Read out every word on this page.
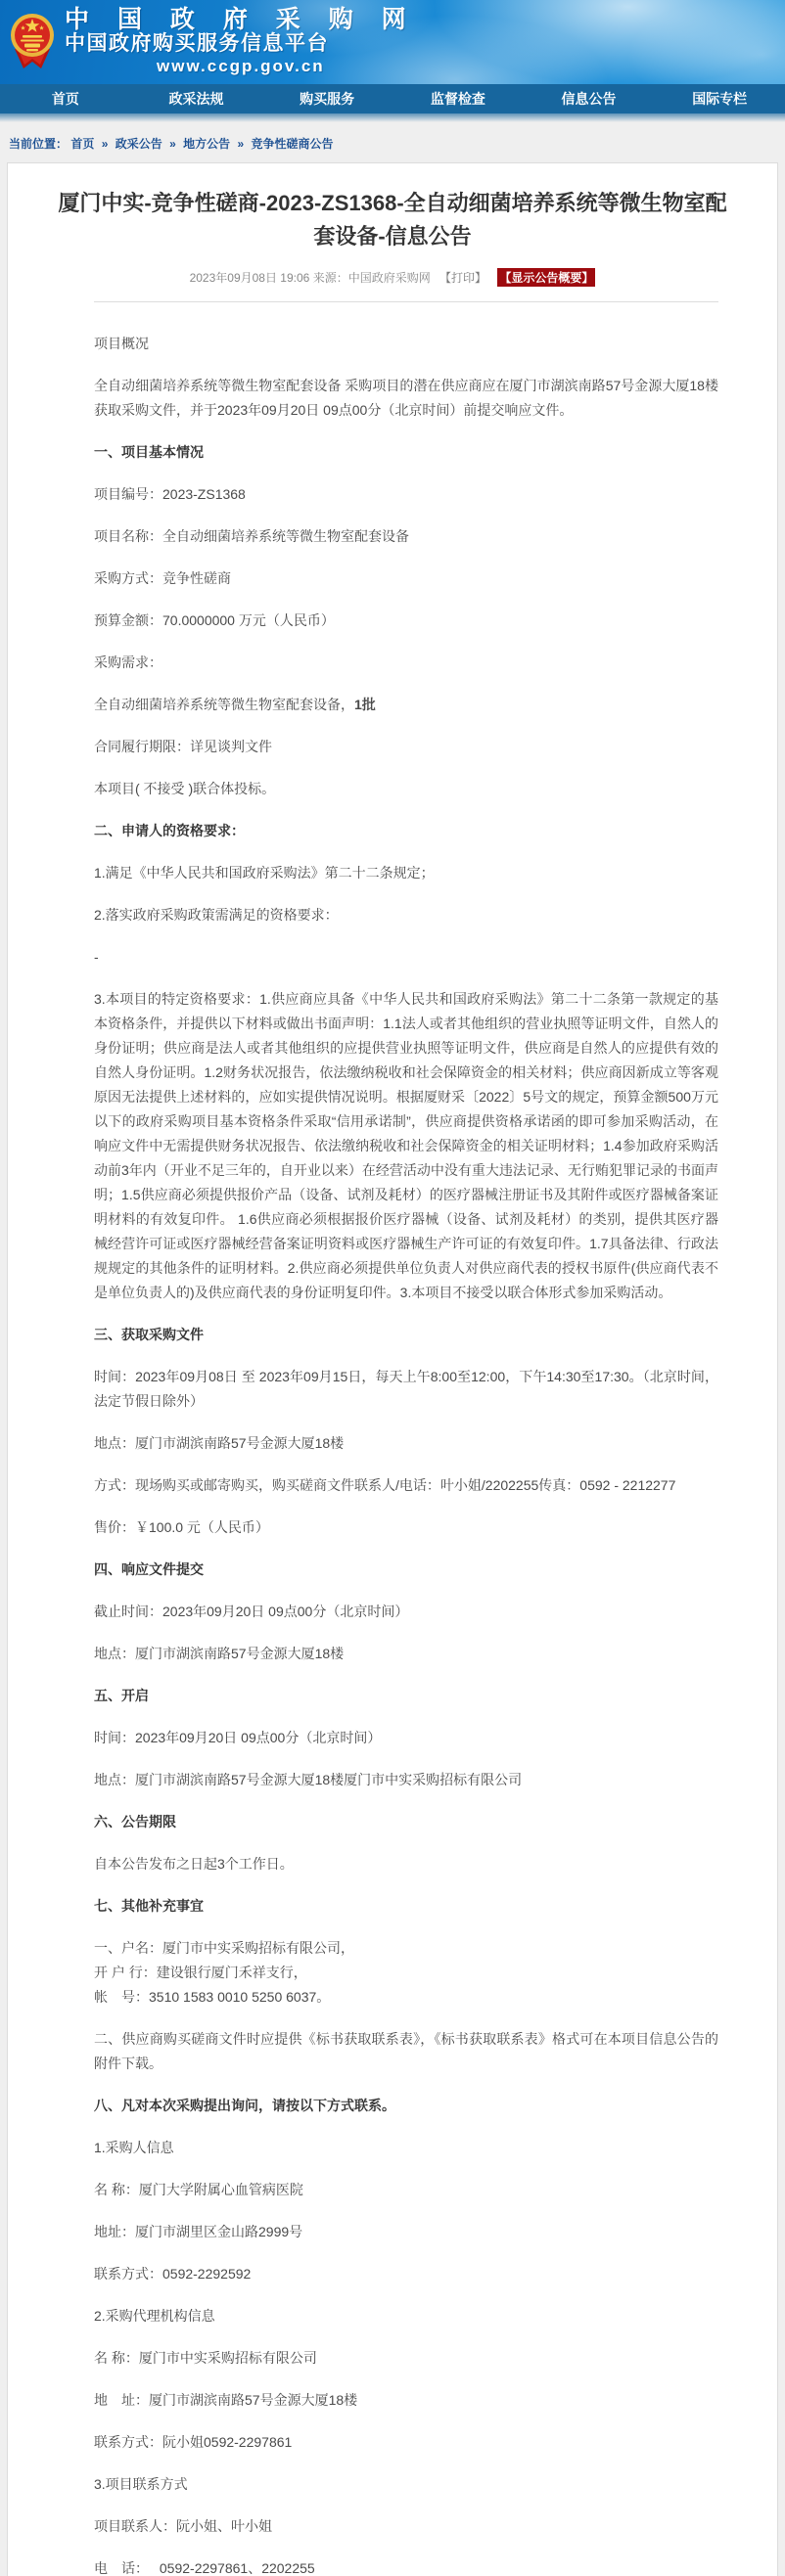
中 国 政 府 采 购 网
中国政府购买服务信息平台
www.ccgp.gov.cn
首页	政采法规	购买服务	监督检查	信息公告	国际专栏
当前位置： 首页 » 政采公告 » 地方公告 » 竞争性磋商公告
厦门中实-竞争性磋商-2023-ZS1368-全自动细菌培养系统等微生物室配套设备-信息公告
2023年09月08日 19:06 来源：中国政府采购网 【打印】 【显示公告概要】

项目概况

全自动细菌培养系统等微生物室配套设备 采购项目的潜在供应商应在厦门市湖滨南路57号金源大厦18楼获取采购文件，并于2023年09月20日 09点00分（北京时间）前提交响应文件。

一、项目基本情况

项目编号：2023-ZS1368

项目名称：全自动细菌培养系统等微生物室配套设备

采购方式：竞争性磋商

预算金额：70.0000000 万元（人民币）

采购需求：

全自动细菌培养系统等微生物室配套设备，1批

合同履行期限：详见谈判文件

本项目( 不接受 )联合体投标。

二、申请人的资格要求：

1.满足《中华人民共和国政府采购法》第二十二条规定；

2.落实政府采购政策需满足的资格要求：

-

3.本项目的特定资格要求：1.供应商应具备《中华人民共和国政府采购法》第二十二条第一款规定的基本资格条件，并提供以下材料或做出书面声明：1.1法人或者其他组织的营业执照等证明文件，自然人的身份证明；供应商是法人或者其他组织的应提供营业执照等证明文件，供应商是自然人的应提供有效的自然人身份证明。1.2财务状况报告，依法缴纳税收和社会保障资金的相关材料；供应商因新成立等客观原因无法提供上述材料的，应如实提供情况说明。根据厦财采〔2022〕5号文的规定，预算金额500万元以下的政府采购项目基本资格条件采取“信用承诺制”，供应商提供资格承诺函的即可参加采购活动，在响应文件中无需提供财务状况报告、依法缴纳税收和社会保障资金的相关证明材料；1.4参加政府采购活动前3年内（开业不足三年的，自开业以来）在经营活动中没有重大违法记录、无行贿犯罪记录的书面声明；1.5供应商必须提供报价产品（设备、试剂及耗材）的医疗器械注册证书及其附件或医疗器械备案证明材料的有效复印件。 1.6供应商必须根据报价医疗器械（设备、试剂及耗材）的类别，提供其医疗器械经营许可证或医疗器械经营备案证明资料或医疗器械生产许可证的有效复印件。1.7具备法律、行政法规规定的其他条件的证明材料。2.供应商必须提供单位负责人对供应商代表的授权书原件(供应商代表不是单位负责人的)及供应商代表的身份证明复印件。3.本项目不接受以联合体形式参加采购活动。

三、获取采购文件

时间：2023年09月08日 至 2023年09月15日，每天上午8:00至12:00，下午14:30至17:30。（北京时间，法定节假日除外）

地点：厦门市湖滨南路57号金源大厦18楼

方式：现场购买或邮寄购买，购买磋商文件联系人/电话：叶小姐/2202255传真：0592 - 2212277

售价：￥100.0 元（人民币）

四、响应文件提交

截止时间：2023年09月20日 09点00分（北京时间）

地点：厦门市湖滨南路57号金源大厦18楼

五、开启

时间：2023年09月20日 09点00分（北京时间）

地点：厦门市湖滨南路57号金源大厦18楼厦门市中实采购招标有限公司

六、公告期限

自本公告发布之日起3个工作日。

七、其他补充事宜

一、户名：厦门市中实采购招标有限公司，
开 户 行：建设银行厦门禾祥支行，
帐　号：3510 1583 0010 5250 6037。

二、供应商购买磋商文件时应提供《标书获取联系表》，《标书获取联系表》格式可在本项目信息公告的附件下载。

八、凡对本次采购提出询问，请按以下方式联系。

1.采购人信息

名 称：厦门大学附属心血管病医院

地址：厦门市湖里区金山路2999号

联系方式：0592-2292592

2.采购代理机构信息

名 称：厦门市中实采购招标有限公司

地　址：厦门市湖滨南路57号金源大厦18楼

联系方式：阮小姐0592-2297861

3.项目联系方式

项目联系人：阮小姐、叶小姐

电　话：　 0592-2297861、2202255
